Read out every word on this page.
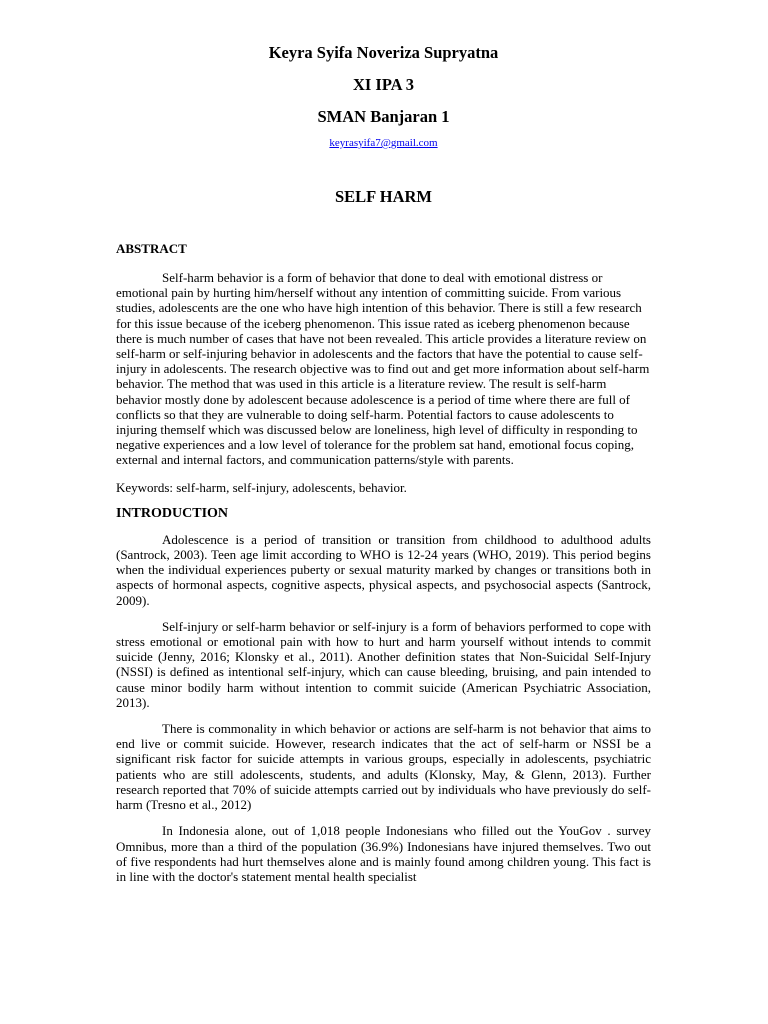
Keyra Syifa Noveriza Supryatna
XI IPA 3
SMAN Banjaran 1
keyrasyifa7@gmail.com
SELF HARM
ABSTRACT

Self-harm behavior is a form of behavior that done to deal with emotional distress or emotional pain by hurting him/herself without any intention of committing suicide. From various studies, adolescents are the one who have high intention of this behavior. There is still a few research for this issue because of the iceberg phenomenon. This issue rated as iceberg phenomenon because there is much number of cases that have not been revealed. This article provides a literature review on self-harm or self-injuring behavior in adolescents and the factors that have the potential to cause self-injury in adolescents. The research objective was to find out and get more information about self-harm behavior. The method that was used in this article is a literature review. The result is self-harm behavior mostly done by adolescent because adolescence is a period of time where there are full of conflicts so that they are vulnerable to doing self-harm. Potential factors to cause adolescents to injuring themself which was discussed below are loneliness, high level of difficulty in responding to negative experiences and a low level of tolerance for the problem sat hand, emotional focus coping, external and internal factors, and communication patterns/style with parents.

Keywords: self-harm, self-injury, adolescents, behavior.

INTRODUCTION

Adolescence is a period of transition or transition from childhood to adulthood adults (Santrock, 2003). Teen age limit according to WHO is 12-24 years (WHO, 2019). This period begins when the individual experiences puberty or sexual maturity marked by changes or transitions both in aspects of hormonal aspects, cognitive aspects, physical aspects, and psychosocial aspects (Santrock, 2009).

Self-injury or self-harm behavior or self-injury is a form of behaviors performed to cope with stress emotional or emotional pain with how to hurt and harm yourself without intends to commit suicide (Jenny, 2016; Klonsky et al., 2011). Another definition states that Non-Suicidal Self-Injury (NSSI) is defined as intentional self-injury, which can cause bleeding, bruising, and pain intended to cause minor bodily harm without intention to commit suicide (American Psychiatric Association, 2013).

There is commonality in which behavior or actions are self-harm is not behavior that aims to end live or commit suicide. However, research indicates that the act of self-harm or NSSI be a significant risk factor for suicide attempts in various groups, especially in adolescents, psychiatric patients who are still adolescents, students, and adults (Klonsky, May, & Glenn, 2013). Further research reported that 70% of suicide attempts carried out by individuals who have previously do self-harm (Tresno et al., 2012)

In Indonesia alone, out of 1,018 people Indonesians who filled out the YouGov . survey Omnibus, more than a third of the population (36.9%) Indonesians have injured themselves. Two out of five respondents had hurt themselves alone and is mainly found among children young. This fact is in line with the doctor's statement mental health specialist
